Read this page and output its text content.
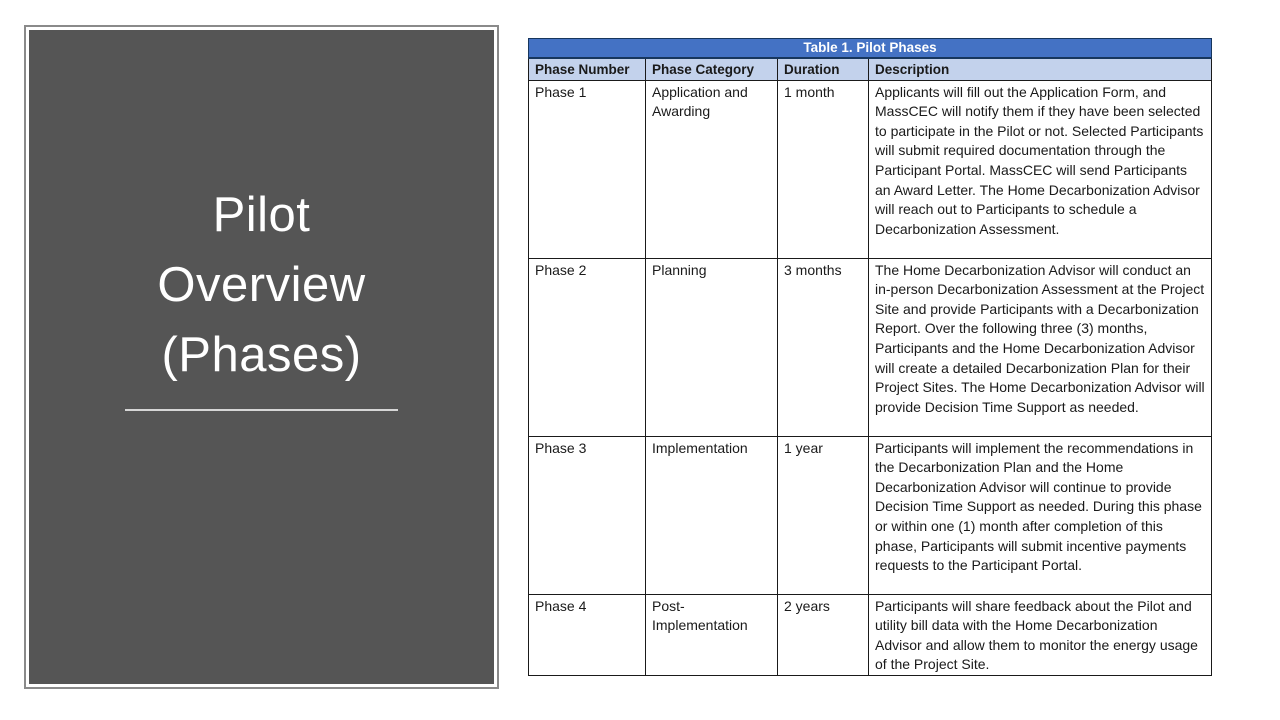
Pilot
Overview
(Phases)
Table 1. Pilot Phases			
Phase Number	Phase Category	Duration	Description
Phase 1	Application and Awarding	1 month	Applicants will fill out the Application Form, and MassCEC will notify them if they have been selected to participate in the Pilot or not. Selected Participants will submit required documentation through the Participant Portal. MassCEC will send Participants an Award Letter. The Home Decarbonization Advisor will reach out to Participants to schedule a Decarbonization Assessment.
Phase 2	Planning	3 months	The Home Decarbonization Advisor will conduct an in-person Decarbonization Assessment at the Project Site and provide Participants with a Decarbonization Report. Over the following three (3) months, Participants and the Home Decarbonization Advisor will create a detailed Decarbonization Plan for their Project Sites. The Home Decarbonization Advisor will provide Decision Time Support as needed.
Phase 3	Implementation	1 year	Participants will implement the recommendations in the Decarbonization Plan and the Home Decarbonization Advisor will continue to provide Decision Time Support as needed. During this phase or within one (1) month after completion of this phase, Participants will submit incentive payments requests to the Participant Portal.
Phase 4	Post-Implementation	2 years	Participants will share feedback about the Pilot and utility bill data with the Home Decarbonization Advisor and allow them to monitor the energy usage of the Project Site.
